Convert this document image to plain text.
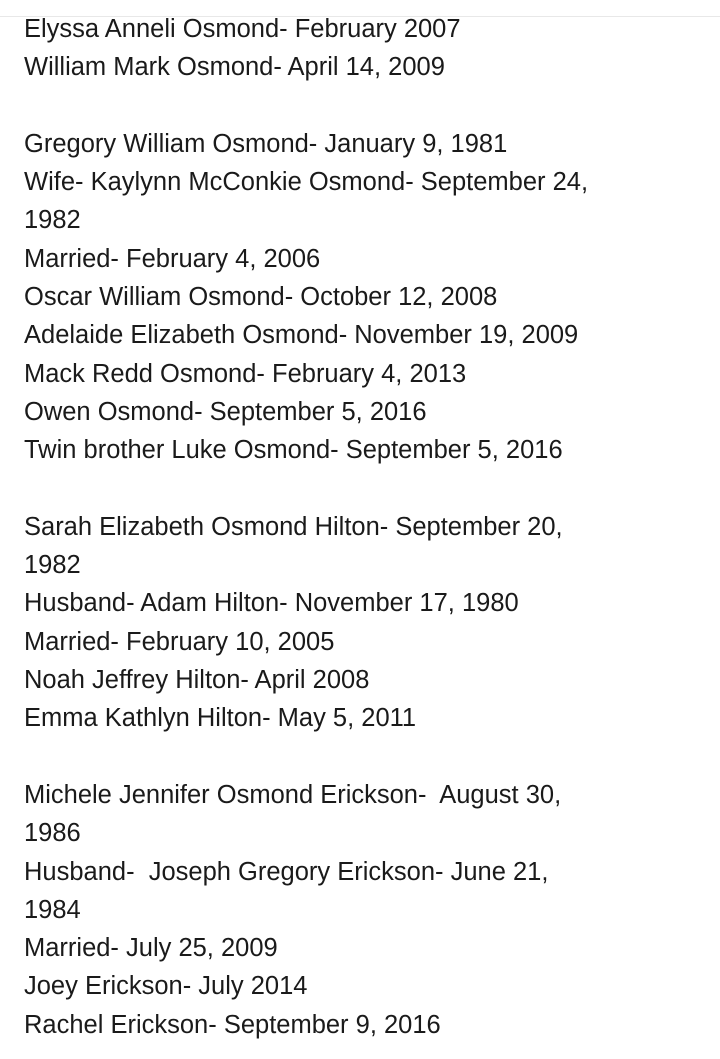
Elyssa Anneli Osmond- February 2007
William Mark Osmond- April 14, 2009
Gregory William Osmond- January 9, 1981
Wife- Kaylynn McConkie Osmond- September 24,
1982
Married- February 4, 2006
Oscar William Osmond- October 12, 2008
Adelaide Elizabeth Osmond- November 19, 2009
Mack Redd Osmond- February 4, 2013
Owen Osmond- September 5, 2016
Twin brother Luke Osmond- September 5, 2016
Sarah Elizabeth Osmond Hilton- September 20,
1982
Husband- Adam Hilton- November 17, 1980
Married- February 10, 2005
Noah Jeffrey Hilton- April 2008
Emma Kathlyn Hilton- May 5, 2011
Michele Jennifer Osmond Erickson-  August 30,
1986
Husband-  Joseph Gregory Erickson- June 21,
1984
Married- July 25, 2009
Joey Erickson- July 2014
Rachel Erickson- September 9, 2016
